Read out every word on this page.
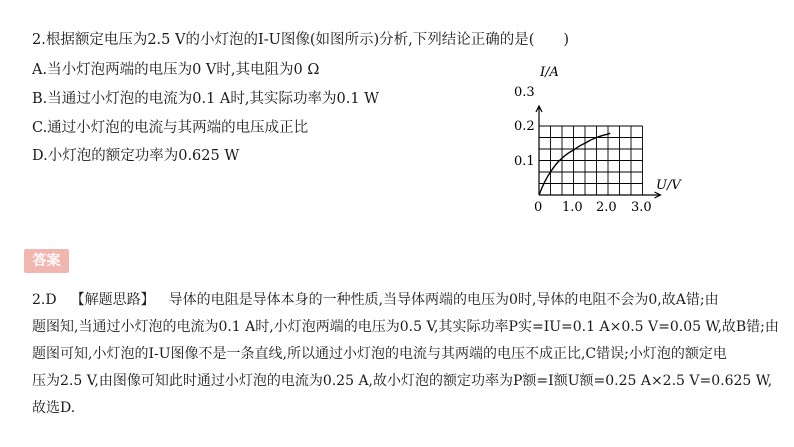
2.根据额定电压为2.5 V的小灯泡的I-U图像(如图所示)分析,下列结论正确的是(　　)
A.当小灯泡两端的电压为0 V时,其电阻为0 Ω
B.当通过小灯泡的电流为0.1 A时,其实际功率为0.1 W
C.通过小灯泡的电流与其两端的电压成正比
D.小灯泡的额定功率为0.625 W
I/A
U/V
0 1.0 2.0 3.0
0.1
0.2
0.3
答案
2.D 【解题思路】 导体的电阻是导体本身的一种性质,当导体两端的电压为0时,导体的电阻不会为0,故A错;由
题图知,当通过小灯泡的电流为0.1 A时,小灯泡两端的电压为0.5 V,其实际功率P实=IU=0.1 A×0.5 V=0.05 W,故B错;由
题图可知,小灯泡的I-U图像不是一条直线,所以通过小灯泡的电流与其两端的电压不成正比,C错误;小灯泡的额定电
压为2.5 V,由图像可知此时通过小灯泡的电流为0.25 A,故小灯泡的额定功率为P额=I额U额=0.25 A×2.5 V=0.625 W,
故选D.
